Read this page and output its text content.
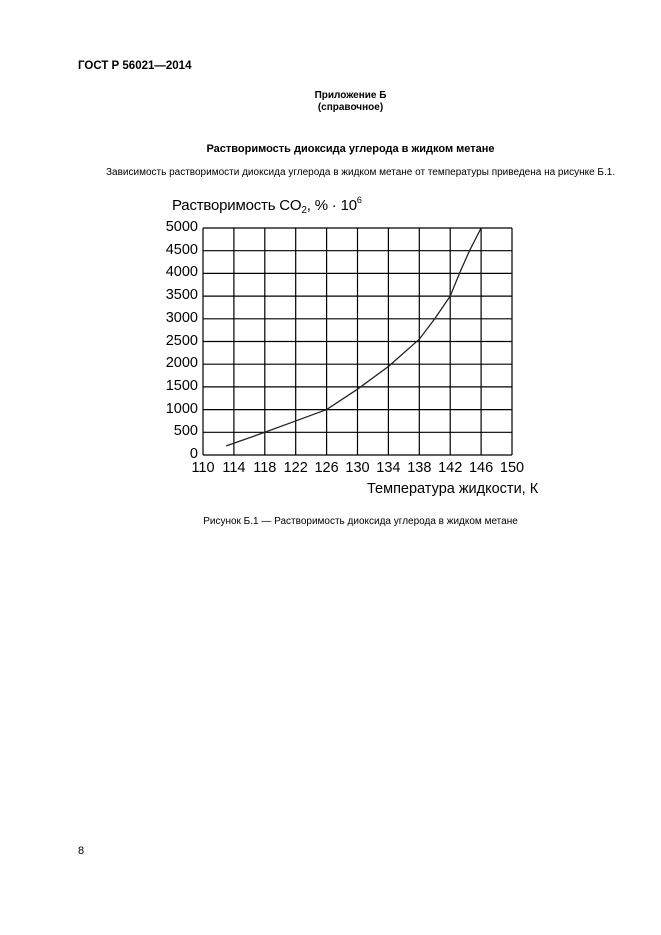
ГОСТ Р 56021—2014
Приложение Б
(справочное)
Растворимость диоксида углерода в жидком метане
Зависимость растворимости диоксида углерода в жидком метане от температуры приведена на рисунке Б.1.
Растворимость $CO_2$, % · $10^6$
5000
4500
4000
3500
3000
2500
2000
1500
1000
500
0
110 114 118 122 126 130 134 138 142 146 150
Температура жидкости, К
Рисунок Б.1 — Растворимость диоксида углерода в жидком метане
8
